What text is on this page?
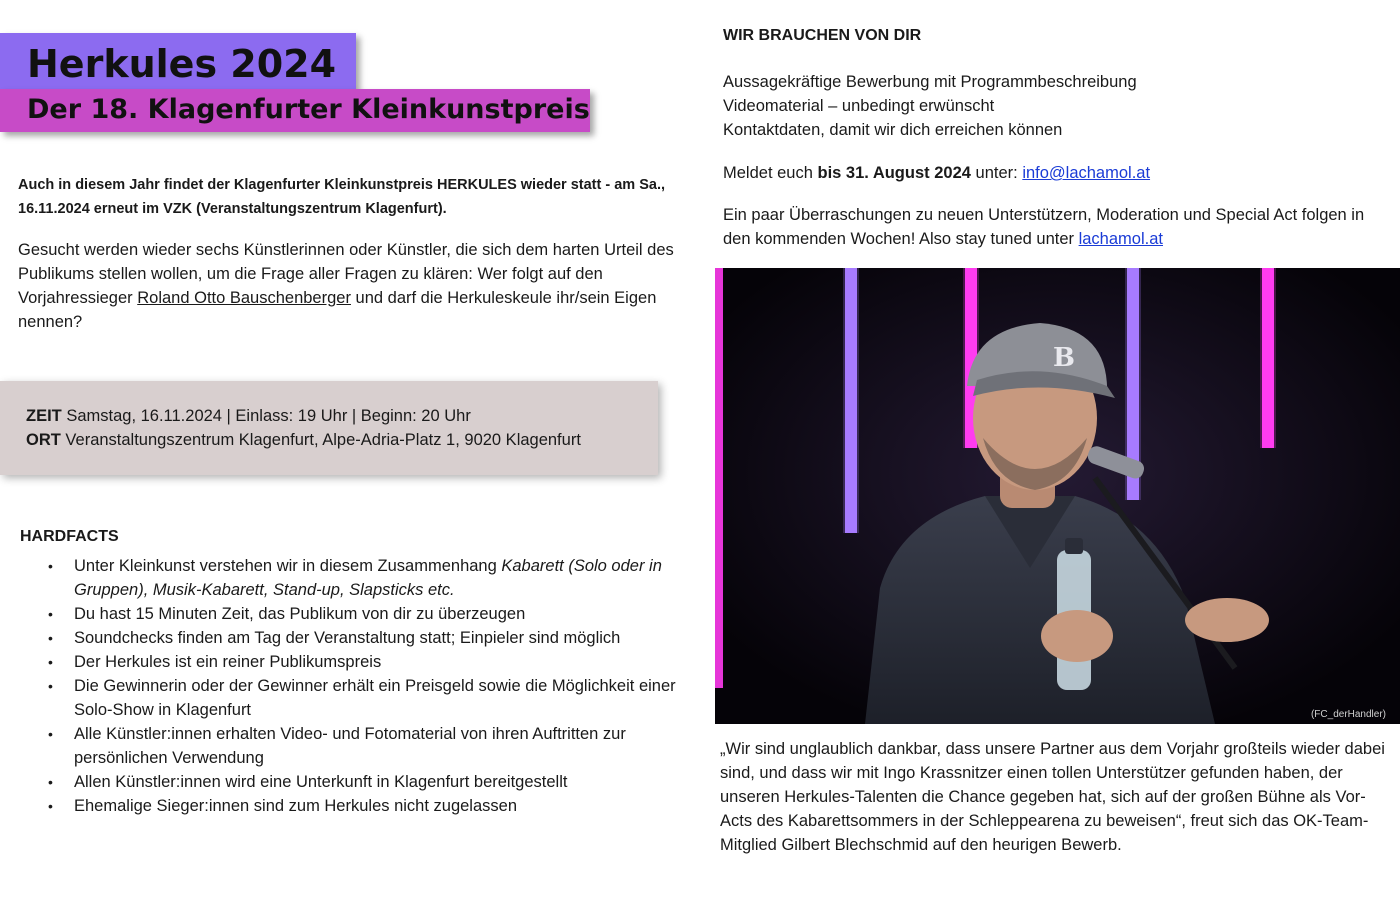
Herkules 2024
Der 18. Klagenfurter Kleinkunstpreis

Auch in diesem Jahr findet der Klagenfurter Kleinkunstpreis HERKULES wieder statt - am Sa., 16.11.2024 erneut im VZK (Veranstaltungszentrum Klagenfurt).

Gesucht werden wieder sechs Künstlerinnen oder Künstler, die sich dem harten Urteil des Publikums stellen wollen, um die Frage aller Fragen zu klären: Wer folgt auf den Vorjahressieger Roland Otto Bauschenberger und darf die Herkuleskeule ihr/sein Eigen nennen?

ZEIT Samstag, 16.11.2024 | Einlass: 19 Uhr | Beginn: 20 Uhr
ORT Veranstaltungszentrum Klagenfurt, Alpe-Adria-Platz 1, 9020 Klagenfurt
HARDFACTS
• Unter Kleinkunst verstehen wir in diesem Zusammenhang Kabarett (Solo oder in Gruppen), Musik-Kabarett, Stand-up, Slapsticks etc.
• Du hast 15 Minuten Zeit, das Publikum von dir zu überzeugen
• Soundchecks finden am Tag der Veranstaltung statt; Einpieler sind möglich
• Der Herkules ist ein reiner Publikumspreis
• Die Gewinnerin oder der Gewinner erhält ein Preisgeld sowie die Möglichkeit einer Solo-Show in Klagenfurt
• Alle Künstler:innen erhalten Video- und Fotomaterial von ihren Auftritten zur persönlichen Verwendung
• Allen Künstler:innen wird eine Unterkunft in Klagenfurt bereitgestellt
• Ehemalige Sieger:innen sind zum Herkules nicht zugelassen
WIR BRAUCHEN VON DIR
Aussagekräftige Bewerbung mit Programmbeschreibung
Videomaterial – unbedingt erwünscht
Kontaktdaten, damit wir dich erreichen können
Meldet euch bis 31. August 2024 unter: info@lachamol.at

Ein paar Überraschungen zu neuen Unterstützern, Moderation und Special Act folgen in den kommenden Wochen! Also stay tuned unter lachamol.at

B
(FC_derHandler)

„Wir sind unglaublich dankbar, dass unsere Partner aus dem Vorjahr großteils wieder dabei sind, und dass wir mit Ingo Krassnitzer einen tollen Unterstützer gefunden haben, der unseren Herkules-Talenten die Chance gegeben hat, sich auf der großen Bühne als Vor-Acts des Kabarettsommers in der Schleppearena zu beweisen“, freut sich das OK-Team-Mitglied Gilbert Blechschmid auf den heurigen Bewerb.
